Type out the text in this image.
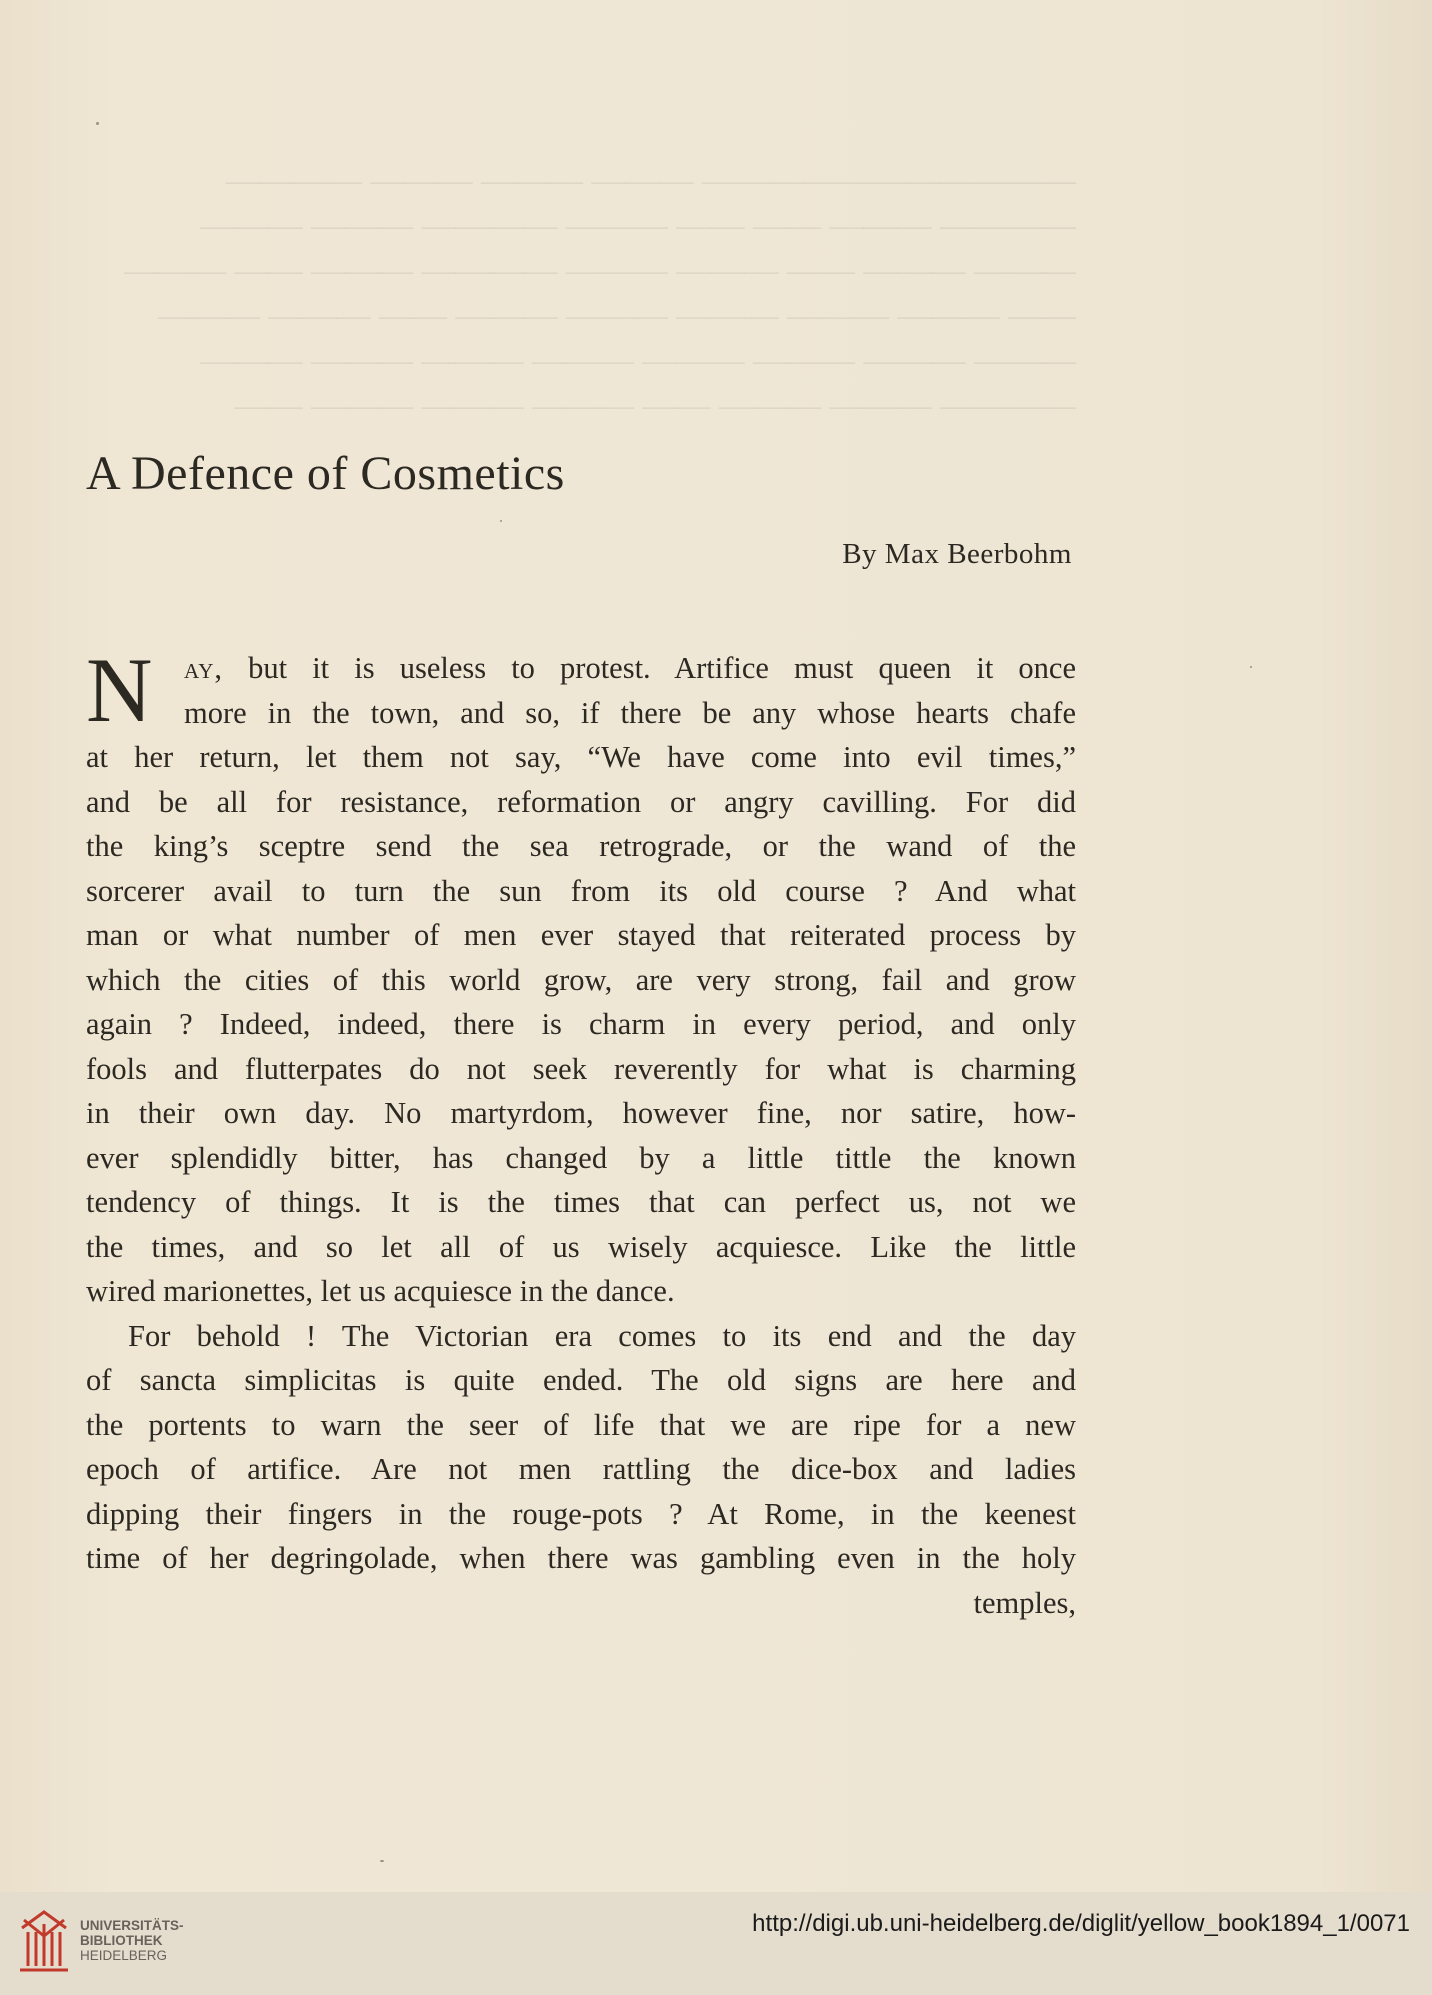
——————————— ——— ——— ——— ————
———— ——— —— —— ——— ———— ——— ———
——— ——— —— ——— ——— ———— ——— —— ———
—— ——— ——— ——— ——— ——— —— ——— ———
——— ——— ——— ——— ——— ——— ——— ———
———— ——— ——— —— ——— ——— ——— ——
A Defence of Cosmetics
By Max Beerbohm
N	ay, but it is useless to protest. Artifice must queen it once
more in the town, and so, if there be any whose hearts chafe
at her return, let them not say, “We have come into evil times,”
and be all for resistance, reformation or angry cavilling. For did
the king’s sceptre send the sea retrograde, or the wand of the
sorcerer avail to turn the sun from its old course ? And what
man or what number of men ever stayed that reiterated process by
which the cities of this world grow, are very strong, fail and grow
again ? Indeed, indeed, there is charm in every period, and only
fools and flutterpates do not seek reverently for what is charming
in their own day. No martyrdom, however fine, nor satire, how-
ever splendidly bitter, has changed by a little tittle the known
tendency of things. It is the times that can perfect us, not we
the times, and so let all of us wisely acquiesce. Like the little
wired marionettes, let us acquiesce in the dance.
For behold ! The Victorian era comes to its end and the day
of sancta simplicitas is quite ended. The old signs are here and
the portents to warn the seer of life that we are ripe for a new
epoch of artifice. Are not men rattling the dice-box and ladies
dipping their fingers in the rouge-pots ? At Rome, in the keenest
time of her degringolade, when there was gambling even in the holy
temples,
UNIVERSITÄTS-
BIBLIOTHEK
HEIDELBERG
http://digi.ub.uni-heidelberg.de/diglit/yellow_book1894_1/0071
